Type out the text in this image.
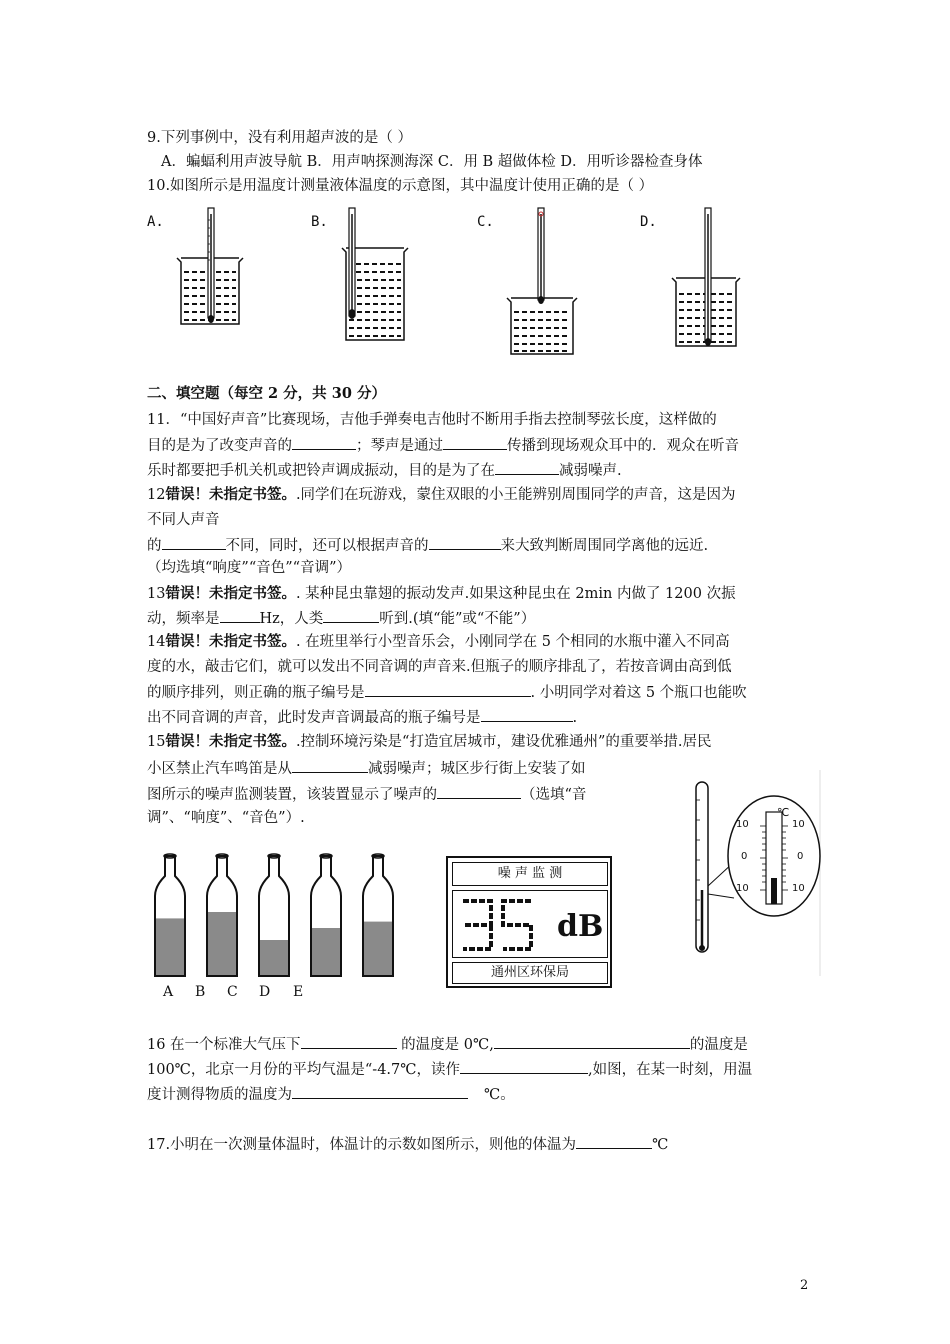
9.下列事例中，没有利用超声波的是（ ）
A．蝙蝠利用声波导航 B．用声呐探测海深 C．用 B 超做体检 D．用听诊器检查身体
10.如图所示是用温度计测量液体温度的示意图，其中温度计使用正确的是（ ）
A.	B.	C.	D.
二、填空题（每空 2 分，共 30 分）
11．“中国好声音”比赛现场，吉他手弹奏电吉他时不断用手指去控制琴弦长度，这样做的
目的是为了改变声音的	；琴声是通过	传播到现场观众耳中的．观众在听音
乐时都要把手机关机或把铃声调成振动，目的是为了在	减弱噪声.
12错误！未指定书签。.同学们在玩游戏，蒙住双眼的小王能辨别周围同学的声音，这是因为
不同人声音
的	不同，同时，还可以根据声音的	来大致判断周围同学离他的远近.
（均选填“响度”“音色”“音调”）
13错误！未指定书签。. 某种昆虫靠翅的振动发声.如果这种昆虫在 2min 内做了 1200 次振
动，频率是	Hz，人类	听到.(填“能”或“不能”）
14错误！未指定书签。. 在班里举行小型音乐会，小刚同学在 5 个相同的水瓶中灌入不同高
度的水，敲击它们，就可以发出不同音调的声音来.但瓶子的顺序排乱了，若按音调由高到低
的顺序排列，则正确的瓶子编号是	. 小明同学对着这 5 个瓶口也能吹
出不同音调的声音，此时发声音调最高的瓶子编号是	.
15错误！未指定书签。.控制环境污染是“打造宜居城市，建设优雅通州”的重要举措.居民
小区禁止汽车鸣笛是从	减弱噪声；城区步行街上安装了如
图所示的噪声监测装置，该装置显示了噪声的	（选填“音
调”、“响度”、“音色”）.
A B C D E
噪 声 监 测
dB
通州区环保局
℃
10
0
10
10
0
10
16 在一个标准大气压下	的温度是 0℃,	的温度是
100℃，北京一月份的平均气温是“-4.7℃，读作	,如图，在某一时刻，用温
度计测得物质的温度为	℃。
17.小明在一次测量体温时，体温计的示数如图所示，则他的体温为	℃
2
